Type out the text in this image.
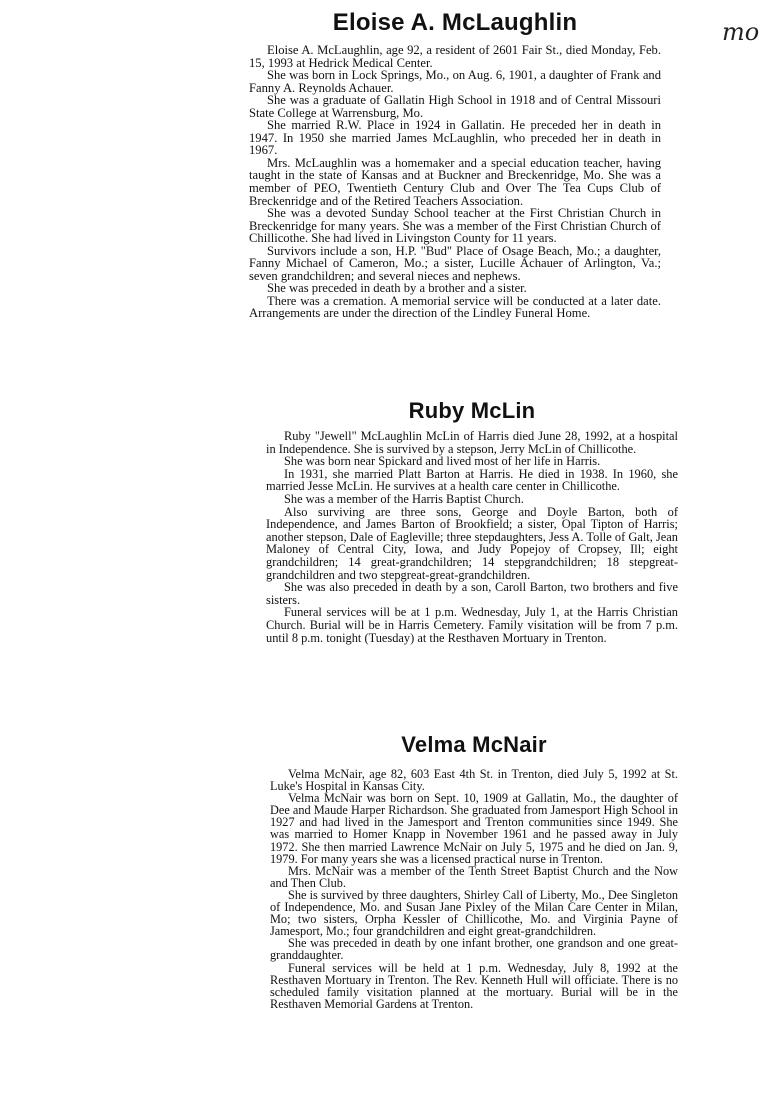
mo
Eloise A. McLaughlin

Eloise A. McLaughlin, age 92, a resident of 2601 Fair St., died Monday, Feb. 15, 1993 at Hedrick Medical Center.

She was born in Lock Springs, Mo., on Aug. 6, 1901, a daughter of Frank and Fanny A. Reynolds Achauer.

She was a graduate of Gallatin High School in 1918 and of Central Missouri State College at Warrensburg, Mo.

She married R.W. Place in 1924 in Gallatin. He preceded her in death in 1947. In 1950 she married James McLaughlin, who preceded her in death in 1967.

Mrs. McLaughlin was a homemaker and a special education teacher, having taught in the state of Kansas and at Buckner and Breckenridge, Mo. She was a member of PEO, Twentieth Century Club and Over The Tea Cups Club of Breckenridge and of the Retired Teachers Association.

She was a devoted Sunday School teacher at the First Christian Church in Breckenridge for many years. She was a member of the First Christian Church of Chillicothe. She had lived in Livingston County for 11 years.

Survivors include a son, H.P. "Bud" Place of Osage Beach, Mo.; a daughter, Fanny Michael of Cameron, Mo.; a sister, Lucille Achauer of Arlington, Va.; seven grandchildren; and several nieces and nephews.

She was preceded in death by a brother and a sister.

There was a cremation. A memorial service will be conducted at a later date. Arrangements are under the direction of the Lindley Funeral Home.

Ruby McLin

Ruby "Jewell" McLaughlin McLin of Harris died June 28, 1992, at a hospital in Independence. She is survived by a stepson, Jerry McLin of Chillicothe.

She was born near Spickard and lived most of her life in Harris.

In 1931, she married Platt Barton at Harris. He died in 1938. In 1960, she married Jesse McLin. He survives at a health care center in Chillicothe.

She was a member of the Harris Baptist Church.

Also surviving are three sons, George and Doyle Barton, both of Independence, and James Barton of Brookfield; a sister, Opal Tipton of Harris; another stepson, Dale of Eagleville; three stepdaughters, Jess A. Tolle of Galt, Jean Maloney of Central City, Iowa, and Judy Popejoy of Cropsey, Ill; eight grandchildren; 14 great-grandchildren; 14 stepgrandchildren; 18 stepgreat-grandchildren and two stepgreat-great-grandchildren.

She was also preceded in death by a son, Caroll Barton, two brothers and five sisters.

Funeral services will be at 1 p.m. Wednesday, July 1, at the Harris Christian Church. Burial will be in Harris Cemetery. Family visitation will be from 7 p.m. until 8 p.m. tonight (Tuesday) at the Resthaven Mortuary in Trenton.

Velma McNair

Velma McNair, age 82, 603 East 4th St. in Trenton, died July 5, 1992 at St. Luke's Hospital in Kansas City.

Velma McNair was born on Sept. 10, 1909 at Gallatin, Mo., the daughter of Dee and Maude Harper Richardson. She graduated from Jamesport High School in 1927 and had lived in the Jamesport and Trenton communities since 1949. She was married to Homer Knapp in November 1961 and he passed away in July 1972. She then married Lawrence McNair on July 5, 1975 and he died on Jan. 9, 1979. For many years she was a licensed practical nurse in Trenton.

Mrs. McNair was a member of the Tenth Street Baptist Church and the Now and Then Club.

She is survived by three daughters, Shirley Call of Liberty, Mo., Dee Singleton of Independence, Mo. and Susan Jane Pixley of the Milan Care Center in Milan, Mo; two sisters, Orpha Kessler of Chillicothe, Mo. and Virginia Payne of Jamesport, Mo.; four grandchildren and eight great-grandchildren.

She was preceded in death by one infant brother, one grandson and one great-granddaughter.

Funeral services will be held at 1 p.m. Wednesday, July 8, 1992 at the Resthaven Mortuary in Trenton. The Rev. Kenneth Hull will officiate. There is no scheduled family visitation planned at the mortuary. Burial will be in the Resthaven Memorial Gardens at Trenton.
